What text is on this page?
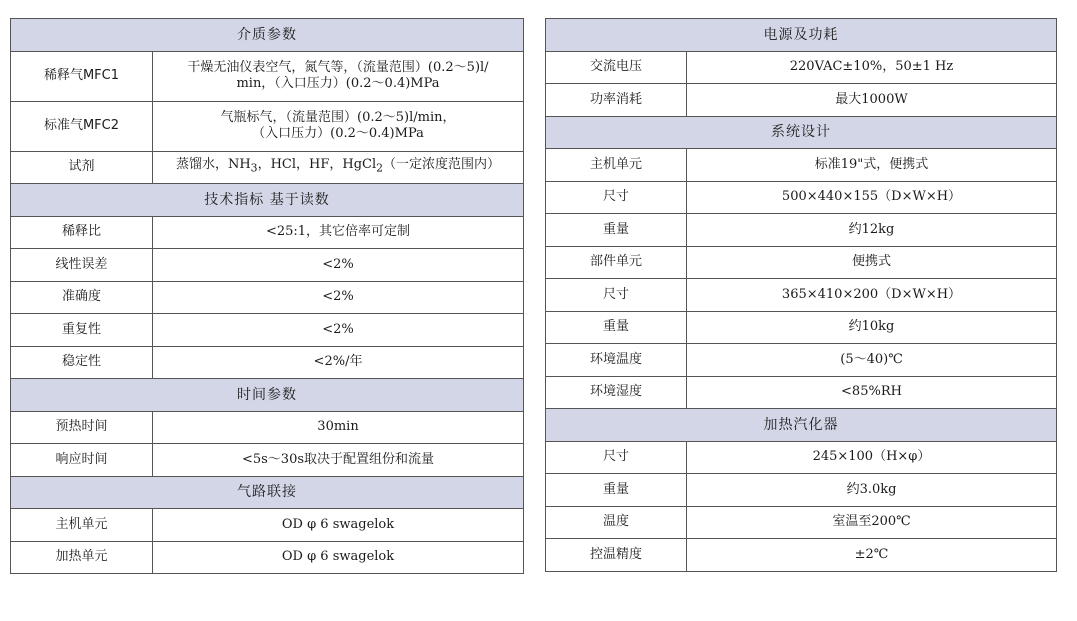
介质参数	
稀释气MFC1	干燥无油仪表空气，氮气等，（流量范围）(0.2～5)l/
min，（入口压力）(0.2～0.4)MPa

标准气MFC2	气瓶标气，（流量范围）(0.2～5)l/min，
（入口压力）(0.2～0.4)MPa

试剂	蒸馏水，$NH_3$，HCl，HF，HgCl$_2$（一定浓度范围内）
技术指标 基于读数	
稀释比	<25:1，其它倍率可定制
线性误差	<2%
准确度	<2%
重复性	<2%
稳定性	<2%/年
时间参数	
预热时间	30min
响应时间	<5s～30s取决于配置组份和流量
气路联接	
主机单元	OD φ 6 swagelok
加热单元	OD φ 6 swagelok
电源及功耗	
交流电压	220VAC±10%，50±1 Hz
功率消耗	最大1000W
系统设计	
主机单元	标准19"式，便携式
尺寸	500×440×155（D×W×H）
重量	约12kg
部件单元	便携式
尺寸	365×410×200（D×W×H）
重量	约10kg
环境温度	(5～40)℃
环境湿度	<85%RH
加热汽化器	
尺寸	245×100（H×φ）
重量	约3.0kg
温度	室温至200℃
控温精度	±2℃
